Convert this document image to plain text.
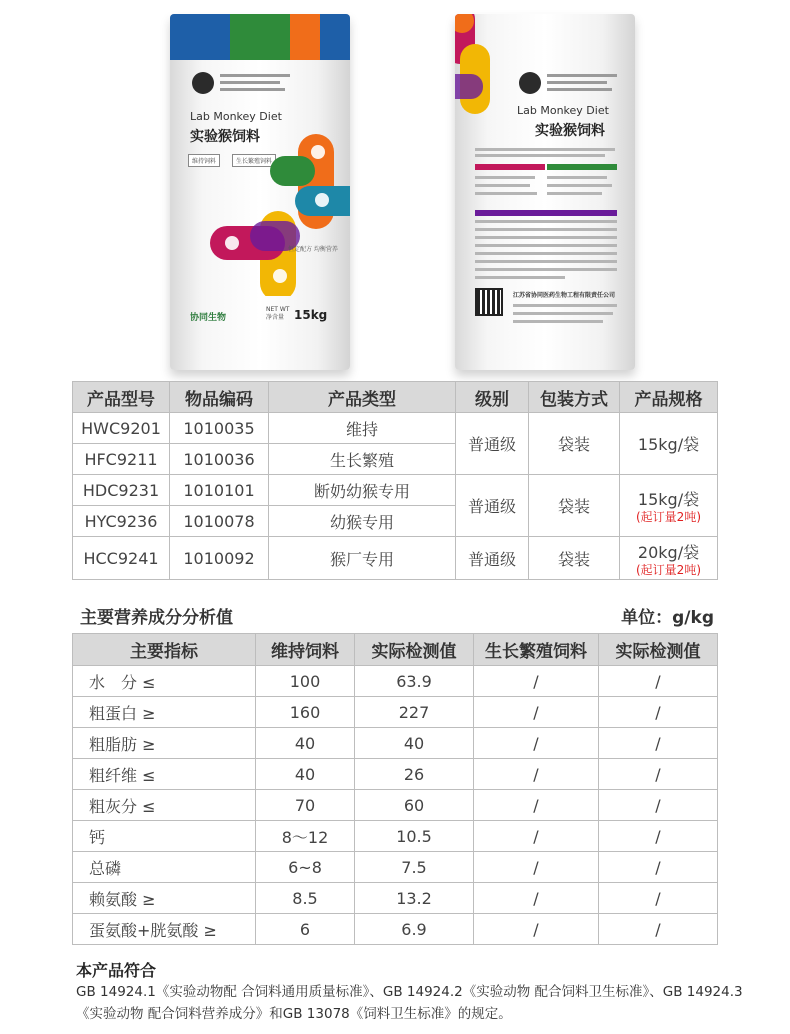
Lab Monkey Diet
实验猴饲料
维持饲料	生长繁殖饲料
恒定配方 均衡营养
协同生物
NET WT 净含量 15kg
Lab Monkey Diet
实验猴饲料
江苏省协同医药生物工程有限责任公司
产品型号	物品编码	产品类型	级别	包装方式	产品规格
HWC9201	1010035	维持	普通级	袋装	15kg/袋
HFC9211	1010036	生长繁殖			
HDC9231	1010101	断奶幼猴专用	普通级	袋装	15kg/袋
(起订量2吨)

HYC9236	1010078	幼猴专用			
HCC9241	1010092	猴厂专用	普通级	袋装	20kg/袋
(起订量2吨)
主要营养成分分析值	单位：g/kg
主要指标	维持饲料	实际检测值	生长繁殖饲料	实际检测值
水　分 ≤	100	63.9	/	/
粗蛋白 ≥	160	227	/	/
粗脂肪 ≥	40	40	/	/
粗纤维 ≤	40	26	/	/
粗灰分 ≤	70	60	/	/
钙	8～12	10.5	/	/
总磷	6~8	7.5	/	/
赖氨酸 ≥	8.5	13.2	/	/
蛋氨酸+胱氨酸 ≥	6	6.9	/	/
本产品符合
GB 14924.1《实验动物配 合饲料通用质量标准》、GB 14924.2《实验动物 配合饲料卫生标准》、GB 14924.3《实验动物 配合饲料营养成分》和GB 13078《饲料卫生标准》的规定。
